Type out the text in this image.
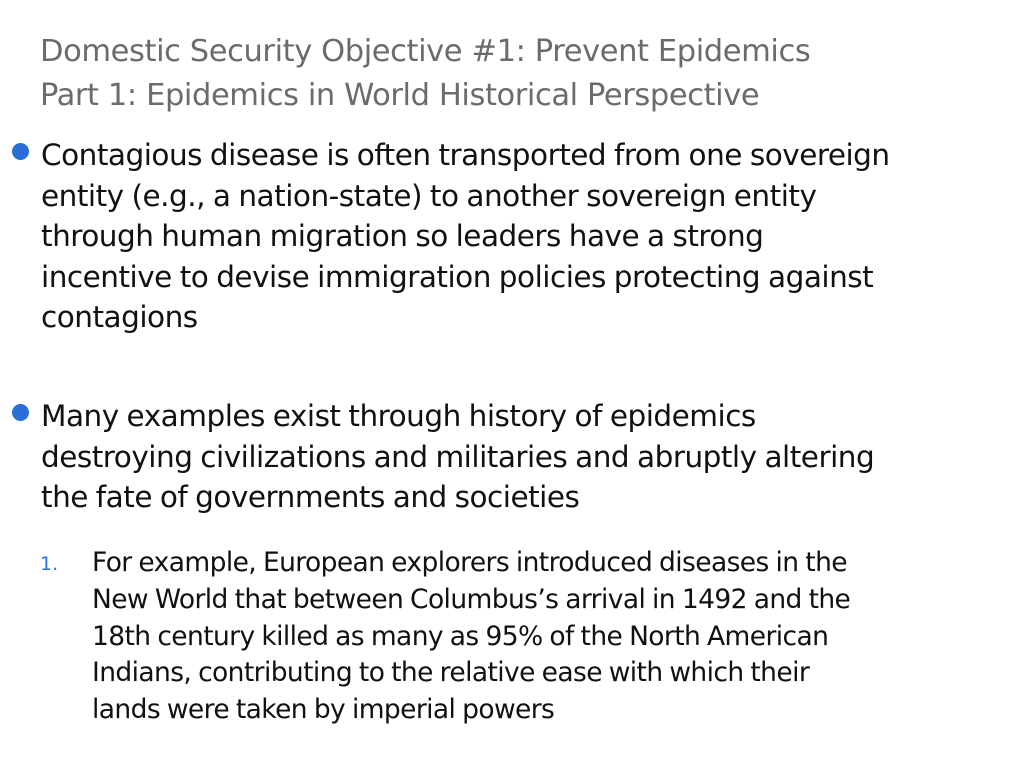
Domestic Security Objective #1: Prevent Epidemics
Part 1: Epidemics in World Historical Perspective
Contagious disease is often transported from one sovereign
entity (e.g., a nation-state) to another sovereign entity
through human migration so leaders have a strong
incentive to devise immigration policies protecting against
contagions
Many examples exist through history of epidemics
destroying civilizations and militaries and abruptly altering
the fate of governments and societies
1. For example, European explorers introduced diseases in the
New World that between Columbus’s arrival in 1492 and the
18th century killed as many as 95% of the North American
Indians, contributing to the relative ease with which their
lands were taken by imperial powers
